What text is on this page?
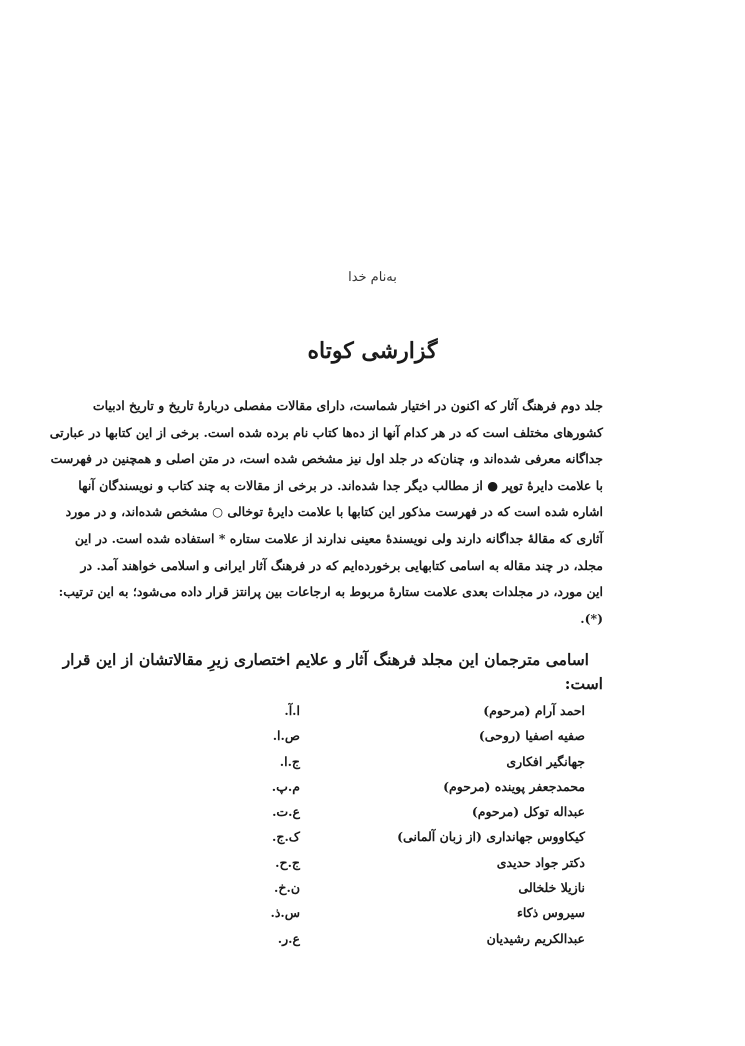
به‌نام خدا
گزارشی کوتاه
جلد دوم فرهنگ آثار که اکنون در اختیار شماست، دارای مقالات مفصلی دربارهٔ تاریخ و تاریخ ادبیات
کشورهای مختلف است که در هر کدام آنها از ده‌ها کتاب نام برده شده است. برخی از این کتابها در عبارتی
جداگانه معرفی شده‌اند و، چنان‌که در جلد اول نیز مشخص شده است، در متن اصلی و همچنین در فهرست
با علامت دایرهٔ توپر ● از مطالب دیگر جدا شده‌اند. در برخی از مقالات به چند کتاب و نویسندگان آنها
اشاره شده است که در فهرست مذکور این کتابها با علامت دایرهٔ توخالی ○ مشخص شده‌اند، و در مورد
آثاری که مقالهٔ جداگانه دارند ولی نویسندهٔ معینی ندارند از علامت ستاره * استفاده شده است. در این
مجلد، در چند مقاله به اسامی کتابهایی برخورده‌ایم که در فرهنگ آثار ایرانی و اسلامی خواهند آمد. در
این مورد، در مجلدات بعدی علامت ستارهٔ مربوط به ارجاعات بین پرانتز قرار داده می‌شود؛ به این ترتیب:
(*).
اسامی مترجمان این مجلد فرهنگ آثار و علایم اختصاری زیرِ مقالاتشان از این قرار
است:
احمد آرام (مرحوم)
ا.آ.
صفیه اصفیا (روحی)
ص.ا.
جهانگیر افکاری
ج.ا.
محمدجعفر پوینده (مرحوم)
م.پ.
عبداله توکل (مرحوم)
ع.ت.
کیکاووس جهانداری (از زبان آلمانی)
ک.ج.
دکتر جواد حدیدی
ج.ح.
نازیلا خلخالی
ن.خ.
سیروس ذکاء
س.ذ.
عبدالکریم رشیدیان
ع.ر.
